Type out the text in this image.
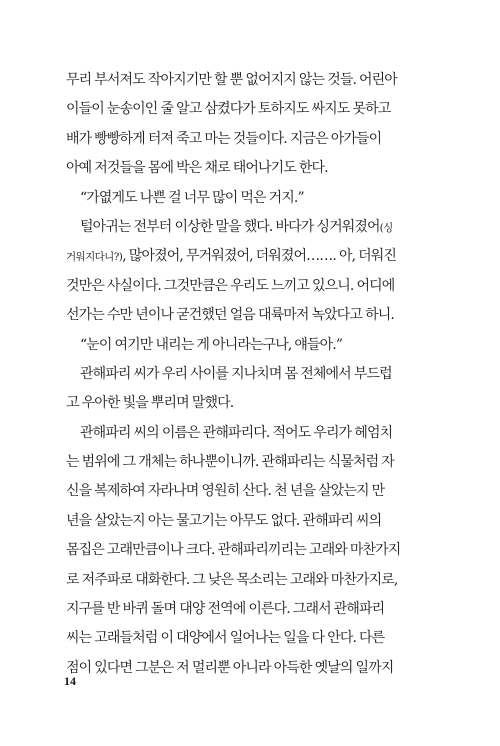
무리 부서져도 작아지기만 할 뿐 없어지지 않는 것들. 어린아
이들이 눈송이인 줄 알고 삼켰다가 토하지도 싸지도 못하고
배가 빵빵하게 터져 죽고 마는 것들이다. 지금은 아가들이
아예 저것들을 몸에 박은 채로 태어나기도 한다.
“가엾게도 나쁜 걸 너무 많이 먹은 거지.”
털아귀는 전부터 이상한 말을 했다. 바다가 싱거워졌어(싱
거워지다니?), 많아졌어, 무거워졌어, 더워졌어……. 아, 더워진
것만은 사실이다. 그것만큼은 우리도 느끼고 있으니. 어디에
선가는 수만 년이나 굳건했던 얼음 대륙마저 녹았다고 하니.
“눈이 여기만 내리는 게 아니라는구나, 얘들아.”
관해파리 씨가 우리 사이를 지나치며 몸 전체에서 부드럽
고 우아한 빛을 뿌리며 말했다.
관해파리 씨의 이름은 관해파리다. 적어도 우리가 헤엄치
는 범위에 그 개체는 하나뿐이니까. 관해파리는 식물처럼 자
신을 복제하여 자라나며 영원히 산다. 천 년을 살았는지 만
년을 살았는지 아는 물고기는 아무도 없다. 관해파리 씨의
몸집은 고래만큼이나 크다. 관해파리끼리는 고래와 마찬가지
로 저주파로 대화한다. 그 낮은 목소리는 고래와 마찬가지로,
지구를 반 바퀴 돌며 대양 전역에 이른다. 그래서 관해파리
씨는 고래들처럼 이 대양에서 일어나는 일을 다 안다. 다른
점이 있다면 그분은 저 멀리뿐 아니라 아득한 옛날의 일까지
14
